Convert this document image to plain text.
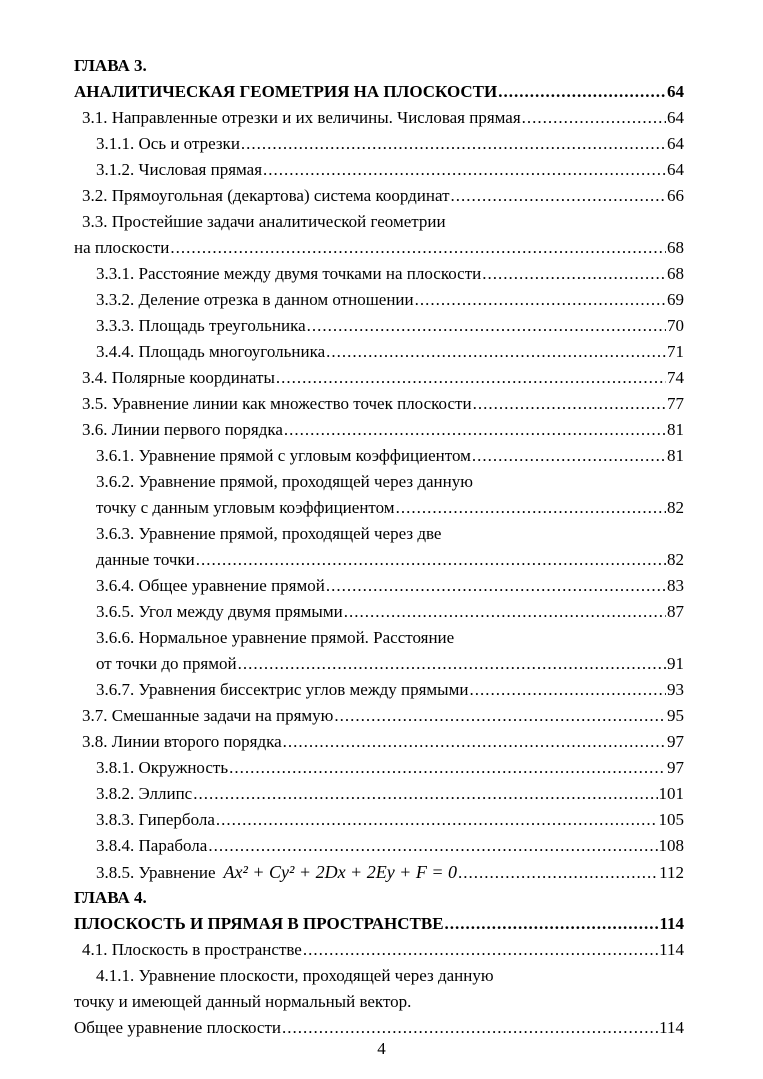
ГЛАВА 3.
АНАЛИТИЧЕСКАЯ ГЕОМЕТРИЯ НА ПЛОСКОСТИ .....	64
3.1. Направленные отрезки и их величины. Числовая прямая .....	64
3.1.1. Ось и отрезки .....	64
3.1.2. Числовая прямая .....	64
3.2. Прямоугольная (декартова) система координат .....	66
3.3. Простейшие задачи аналитической геометрии
на плоскости .....	68
3.3.1. Расстояние между двумя точками на плоскости .....	68
3.3.2. Деление отрезка в данном отношении .....	69
3.3.3. Площадь треугольника .....	70
3.4.4. Площадь многоугольника .....	71
3.4. Полярные координаты .....	74
3.5. Уравнение линии как множество точек плоскости .....	77
3.6. Линии первого порядка .....	81
3.6.1. Уравнение прямой с угловым коэффициентом .....	81
3.6.2. Уравнение прямой, проходящей через данную
точку с данным угловым коэффициентом .....	82
3.6.3. Уравнение прямой, проходящей через две
данные точки .....	82
3.6.4. Общее уравнение прямой .....	83
3.6.5. Угол между двумя прямыми .....	87
3.6.6. Нормальное уравнение прямой. Расстояние
от точки до прямой .....	91
3.6.7. Уравнения биссектрис углов между прямыми .....	93
3.7. Смешанные задачи на прямую .....	95
3.8. Линии второго порядка .....	97
3.8.1. Окружность .....	97
3.8.2. Эллипс .....	101
3.8.3. Гипербола .....	105
3.8.4. Парабола .....	108
3.8.5. Уравнение Ax² + Cy² + 2Dx + 2Ey + F = 0 .....	112
ГЛАВА 4.
ПЛОСКОСТЬ И ПРЯМАЯ В ПРОСТРАНСТВЕ .....	114
4.1. Плоскость в пространстве .....	114
4.1.1. Уравнение плоскости, проходящей через данную
точку и имеющей данный нормальный вектор.
Общее уравнение плоскости .....	114
4
